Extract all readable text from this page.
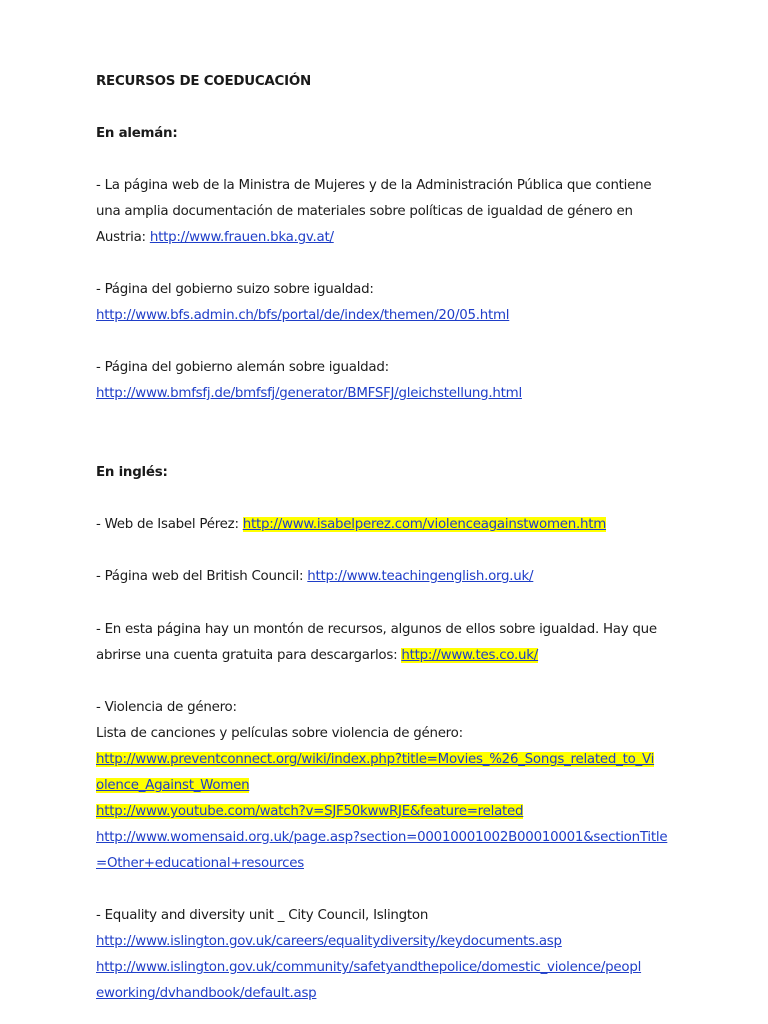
RECURSOS DE COEDUCACIÓN
En alemán:
- La página web de la Ministra de Mujeres y de la Administración Pública que contiene
una amplia documentación de materiales sobre políticas de igualdad de género en
Austria: http://www.frauen.bka.gv.at/
- Página del gobierno suizo sobre igualdad:
http://www.bfs.admin.ch/bfs/portal/de/index/themen/20/05.html
- Página del gobierno alemán sobre igualdad:
http://www.bmfsfj.de/bmfsfj/generator/BMFSFJ/gleichstellung.html
En inglés:
- Web de Isabel Pérez: http://www.isabelperez.com/violenceagainstwomen.htm
- Página web del British Council: http://www.teachingenglish.org.uk/
- En esta página hay un montón de recursos, algunos de ellos sobre igualdad. Hay que
abrirse una cuenta gratuita para descargarlos: http://www.tes.co.uk/
- Violencia de género:
Lista de canciones y películas sobre violencia de género:
http://www.preventconnect.org/wiki/index.php?title=Movies_%26_Songs_related_to_Vi
olence_Against_Women
http://www.youtube.com/watch?v=SJF50kwwRJE&feature=related
http://www.womensaid.org.uk/page.asp?section=00010001002B00010001&sectionTitle
=Other+educational+resources
- Equality and diversity unit _ City Council, Islington
http://www.islington.gov.uk/careers/equalitydiversity/keydocuments.asp
http://www.islington.gov.uk/community/safetyandthepolice/domestic_violence/peopl
eworking/dvhandbook/default.asp
